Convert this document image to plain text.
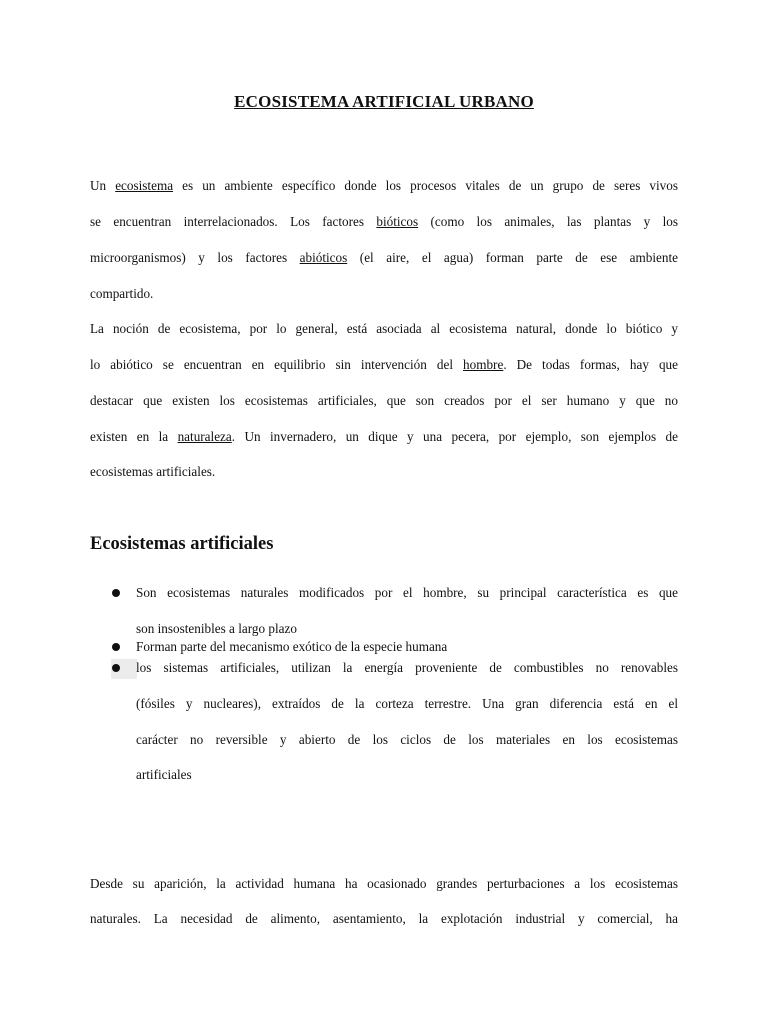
ECOSISTEMA ARTIFICIAL URBANO
Un ecosistema es un ambiente específico donde los procesos vitales de un grupo de seres vivos
se encuentran interrelacionados. Los factores bióticos (como los animales, las plantas y los
microorganismos) y los factores abióticos (el aire, el agua) forman parte de ese ambiente
compartido.
La noción de ecosistema, por lo general, está asociada al ecosistema natural, donde lo biótico y
lo abiótico se encuentran en equilibrio sin intervención del hombre. De todas formas, hay que
destacar que existen los ecosistemas artificiales, que son creados por el ser humano y que no
existen en la naturaleza. Un invernadero, un dique y una pecera, por ejemplo, son ejemplos de
ecosistemas artificiales.
Ecosistemas artificiales
Son ecosistemas naturales modificados por el hombre, su principal característica es que
son insostenibles a largo plazo
Forman parte del mecanismo exótico de la especie humana
los sistemas artificiales, utilizan la energía proveniente de combustibles no renovables
(fósiles y nucleares), extraídos de la corteza terrestre. Una gran diferencia está en el
carácter no reversible y abierto de los ciclos de los materiales en los ecosistemas
artificiales
Desde su aparición, la actividad humana ha ocasionado grandes perturbaciones a los ecosistemas
naturales. La necesidad de alimento, asentamiento, la explotación industrial y comercial, ha
